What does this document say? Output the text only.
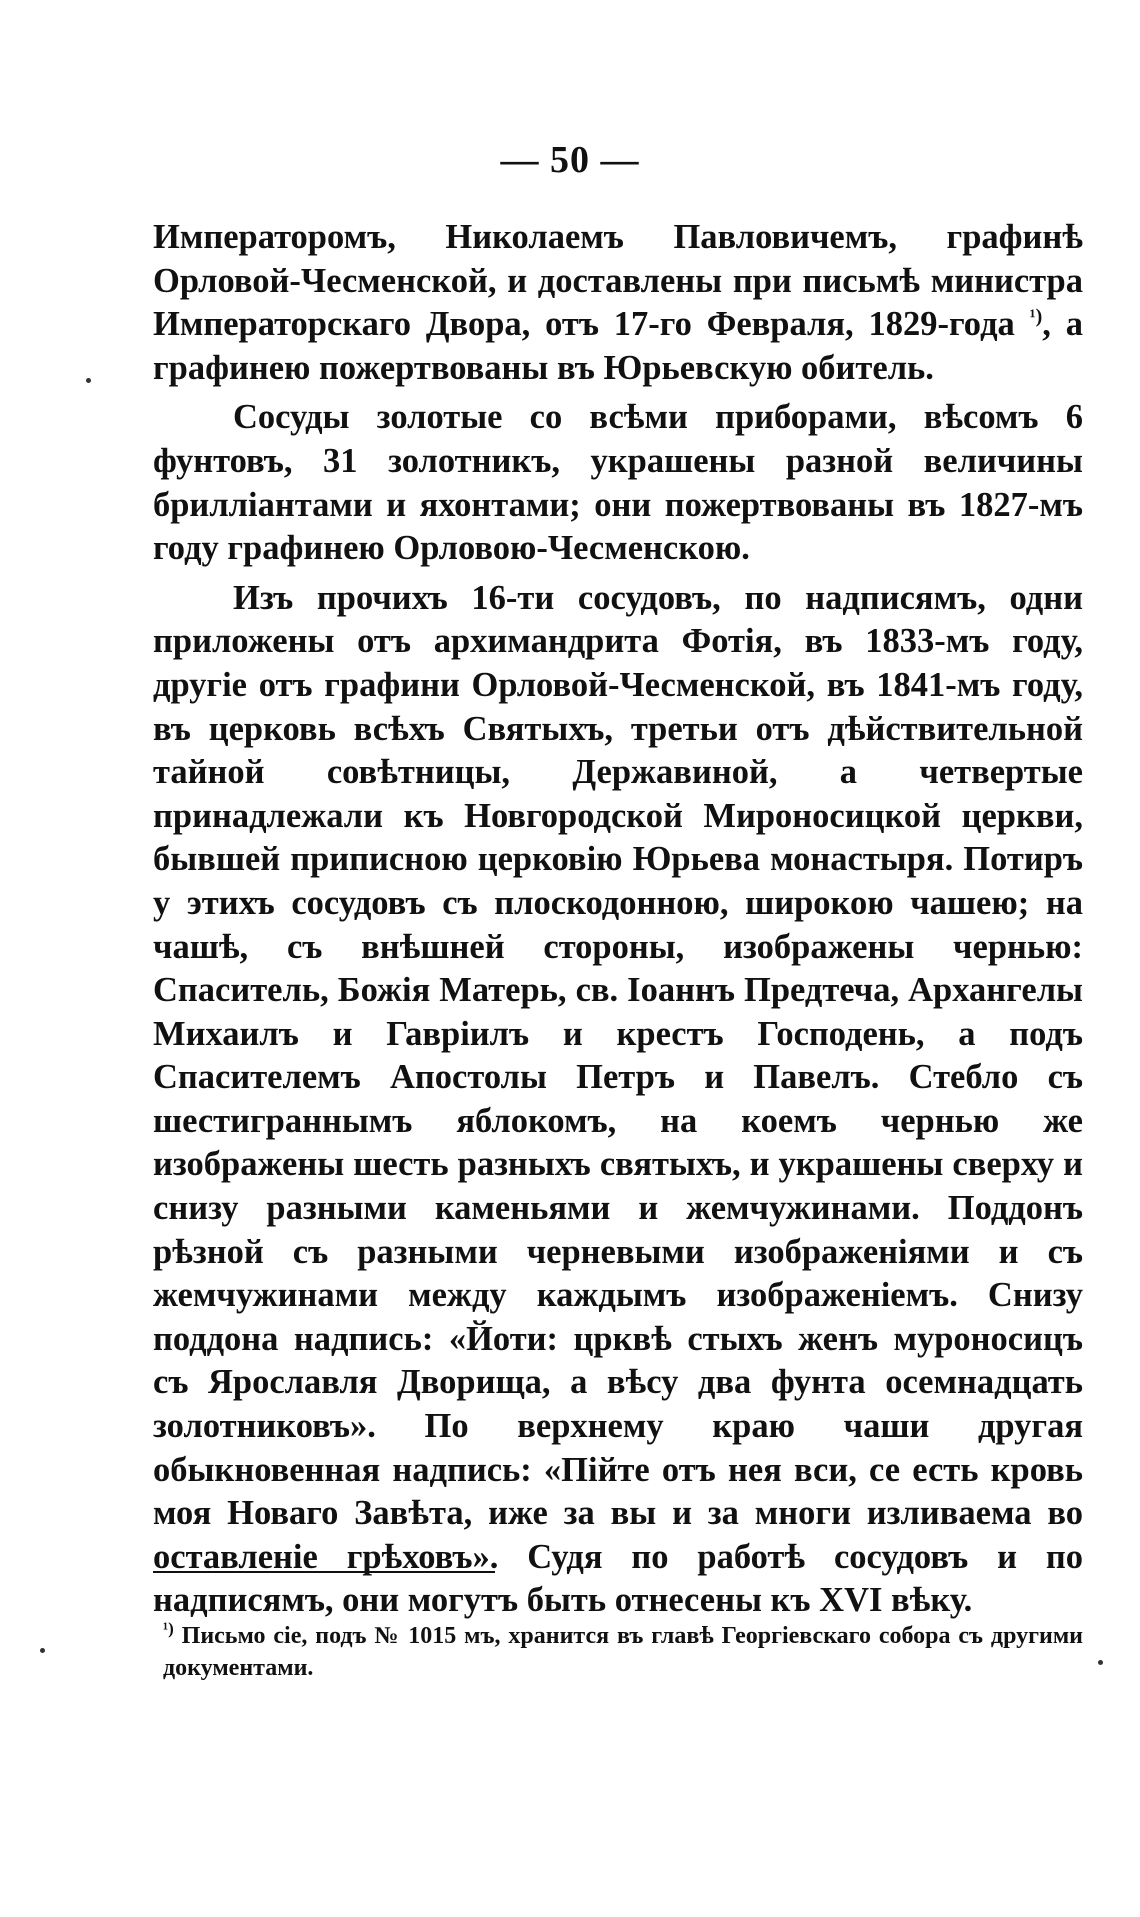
— 50 —

Императоромъ, Николаемъ Павловичемъ, графинѣ Орловой-Чесменской, и доставлены при письмѣ министра Императорскаго Двора, отъ 17-го Февраля, 1829-года $^{^1)}$, а графинею пожертвованы въ Юрьевскую обитель.

Сосуды золотые со всѣми приборами, вѣсомъ 6 фунтовъ, 31 золотникъ, украшены разной величины брилліантами и яхонтами; они пожертвованы въ 1827-мъ году графинею Орловою-Чесменскою.

Изъ прочихъ 16-ти сосудовъ, по надписямъ, одни приложены отъ архимандрита Фотія, въ 1833-мъ году, другіе отъ графини Орловой-Чесменской, въ 1841-мъ году, въ церковь всѣхъ Святыхъ, третьи отъ дѣйствительной тайной совѣтницы, Державиной, а четвертые принадлежали къ Новгородской Мироносицкой церкви, бывшей приписною церковію Юрьева монастыря. Потиръ у этихъ сосудовъ съ плоскодонною, широкою чашею; на чашѣ, съ внѣшней стороны, изображены чернью: Спаситель, Божія Матерь, св. Іоаннъ Предтеча, Архангелы Михаилъ и Гавріилъ и крестъ Господень, а подъ Спасителемъ Апостолы Петръ и Павелъ. Стебло съ шестиграннымъ яблокомъ, на коемъ чернью же изображены шесть разныхъ святыхъ, и украшены сверху и снизу разными каменьями и жемчужинами. Поддонъ рѣзной съ разными черневыми изображеніями и съ жемчужинами между каждымъ изображеніемъ. Снизу поддона надпись: «Йоти: црквѣ стыхъ женъ муроносицъ съ Ярославля Дворища, а вѣсу два фунта осемнадцать золотниковъ». По верхнему краю чаши другая обыкновенная надпись: «Пійте отъ нея вси, се есть кровь моя Новаго Завѣта, иже за вы и за многи изливаема во оставленіе грѣховъ». Судя по работѣ сосудовъ и по надписямъ, они могутъ быть отнесены къ XVI вѣку.

$^{^1)}$ Письмо сіе, подъ № 1015 мъ, хранится въ главѣ Георгіевскаго собора съ другими документами.
